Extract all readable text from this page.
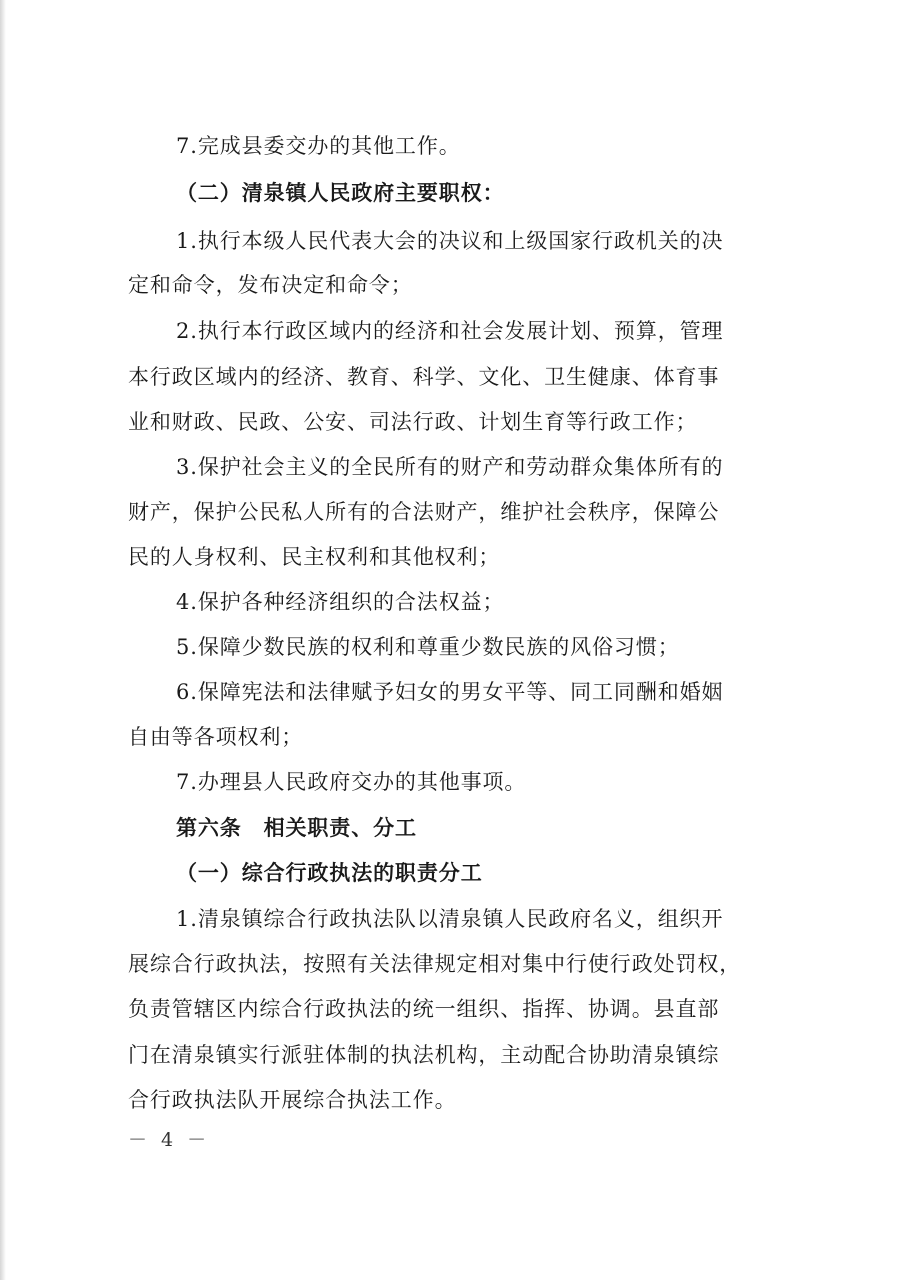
7.完成县委交办的其他工作。
（二）清泉镇人民政府主要职权：
1.执行本级人民代表大会的决议和上级国家行政机关的决
定和命令，发布决定和命令；
2.执行本行政区域内的经济和社会发展计划、预算，管理
本行政区域内的经济、教育、科学、文化、卫生健康、体育事
业和财政、民政、公安、司法行政、计划生育等行政工作；
3.保护社会主义的全民所有的财产和劳动群众集体所有的
财产，保护公民私人所有的合法财产，维护社会秩序，保障公
民的人身权利、民主权利和其他权利；
4.保护各种经济组织的合法权益；
5.保障少数民族的权利和尊重少数民族的风俗习惯；
6.保障宪法和法律赋予妇女的男女平等、同工同酬和婚姻
自由等各项权利；
7.办理县人民政府交办的其他事项。
第六条　相关职责、分工
（一）综合行政执法的职责分工
1.清泉镇综合行政执法队以清泉镇人民政府名义，组织开
展综合行政执法，按照有关法律规定相对集中行使行政处罚权，
负责管辖区内综合行政执法的统一组织、指挥、协调。县直部
门在清泉镇实行派驻体制的执法机构，主动配合协助清泉镇综
合行政执法队开展综合执法工作。
－ 4 －
